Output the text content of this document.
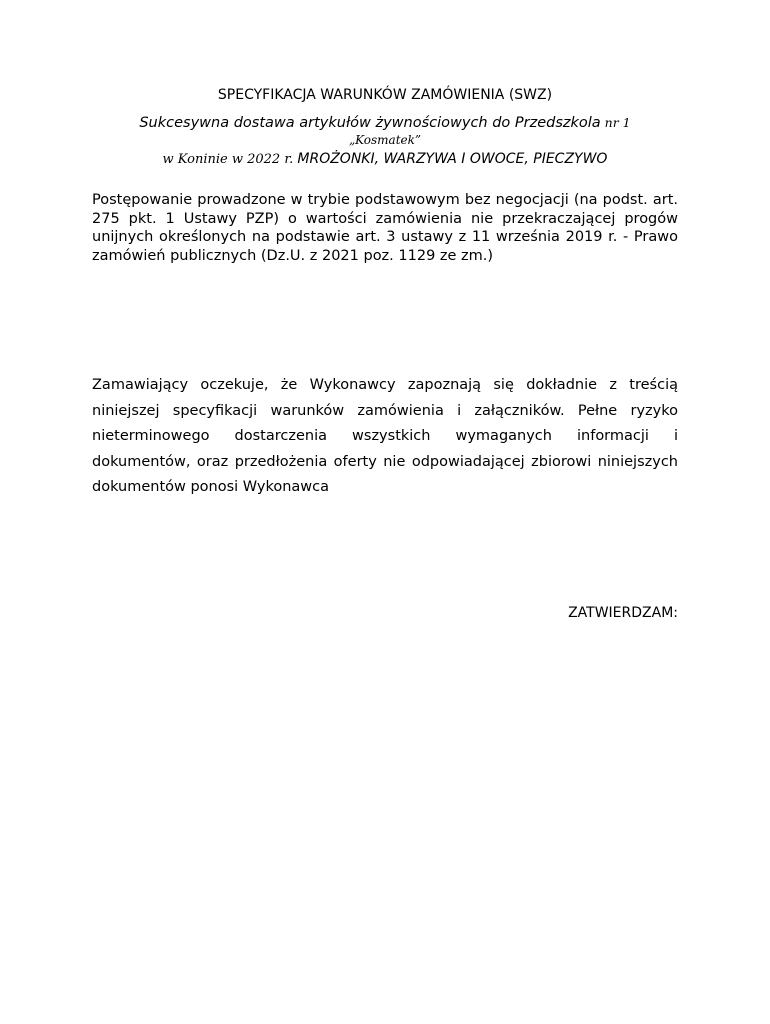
SPECYFIKACJA WARUNKÓW ZAMÓWIENIA (SWZ)
Sukcesywna dostawa artykułów żywnościowych do Przedszkola nr 1
„Kosmatek”
w Koninie w 2022 r. MROŻONKI, WARZYWA I OWOCE, PIECZYWO
Postępowanie prowadzone w trybie podstawowym bez negocjacji (na podst. art. 275 pkt. 1 Ustawy PZP) o wartości zamówienia nie przekraczającej progów unijnych określonych na podstawie art. 3 ustawy z 11 września 2019 r. - Prawo zamówień publicznych (Dz.U. z 2021 poz. 1129 ze zm.)
Zamawiający oczekuje, że Wykonawcy zapoznają się dokładnie z treścią niniejszej specyfikacji warunków zamówienia i załączników. Pełne ryzyko nieterminowego dostarczenia wszystkich wymaganych informacji i dokumentów, oraz przedłożenia oferty nie odpowiadającej zbiorowi niniejszych dokumentów ponosi Wykonawca
ZATWIERDZAM:
